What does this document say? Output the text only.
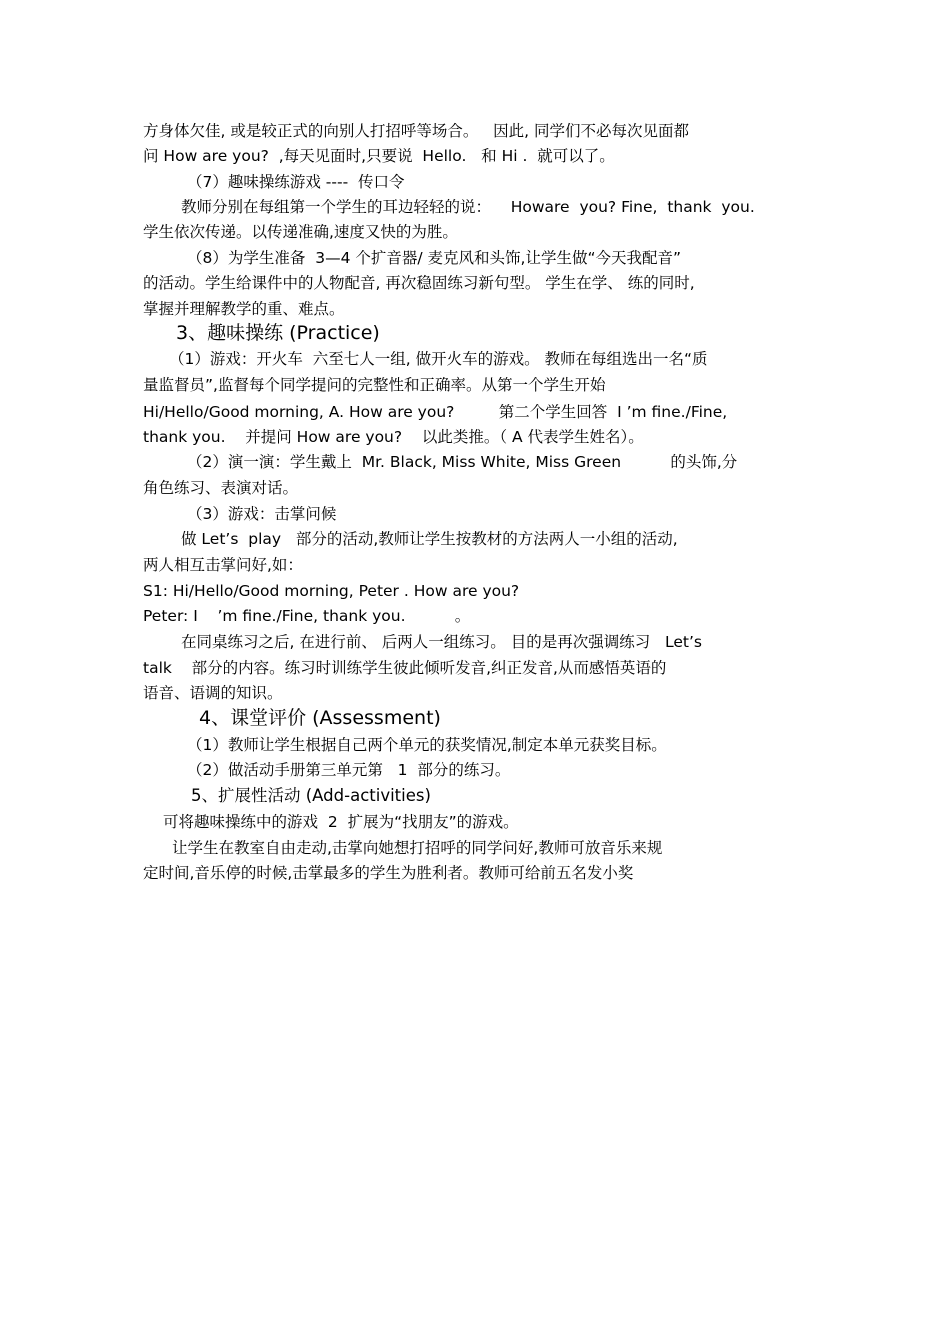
方身体欠佳, 或是较正式的向别人打招呼等场合。   因此, 同学们不必每次见面都
问 How are you?  ,每天见面时,只要说  Hello.   和 Hi .  就可以了。
（7）趣味操练游戏 ----  传口令
教师分别在每组第一个学生的耳边轻轻的说：    Howare  you? Fine,  thank  you.
学生依次传递。以传递准确,速度又快的为胜。
（8）为学生准备  3—4 个扩音器/ 麦克风和头饰,让学生做“今天我配音”
的活动。学生给课件中的人物配音, 再次稳固练习新句型。 学生在学、 练的同时,
掌握并理解教学的重、难点。
3、趣味操练 (Practice)
（1）游戏：开火车  六至七人一组, 做开火车的游戏。 教师在每组选出一名“质
量监督员”,监督每个同学提问的完整性和正确率。从第一个学生开始
Hi/Hello/Good morning, A. How are you?         第二个学生回答  I ’m fine./Fine,
thank you.    并提问 How are you?    以此类推。（ A 代表学生姓名）。
（2）演一演：学生戴上  Mr. Black, Miss White, Miss Green          的头饰,分
角色练习、表演对话。
（3）游戏：击掌问候
做 Let’s  play   部分的活动,教师让学生按教材的方法两人一小组的活动,
两人相互击掌问好,如：
S1: Hi/Hello/Good morning, Peter . How are you?
Peter: I    ’m fine./Fine, thank you.          。
在同桌练习之后, 在进行前、 后两人一组练习。 目的是再次强调练习   Let’s
talk    部分的内容。练习时训练学生彼此倾听发音,纠正发音,从而感悟英语的
语音、语调的知识。
4、课堂评价 (Assessment)
（1）教师让学生根据自己两个单元的获奖情况,制定本单元获奖目标。
（2）做活动手册第三单元第   1  部分的练习。
5、扩展性活动 (Add-activities)
可将趣味操练中的游戏  2  扩展为“找朋友”的游戏。
让学生在教室自由走动,击掌向她想打招呼的同学问好,教师可放音乐来规
定时间,音乐停的时候,击掌最多的学生为胜利者。教师可给前五名发小奖
